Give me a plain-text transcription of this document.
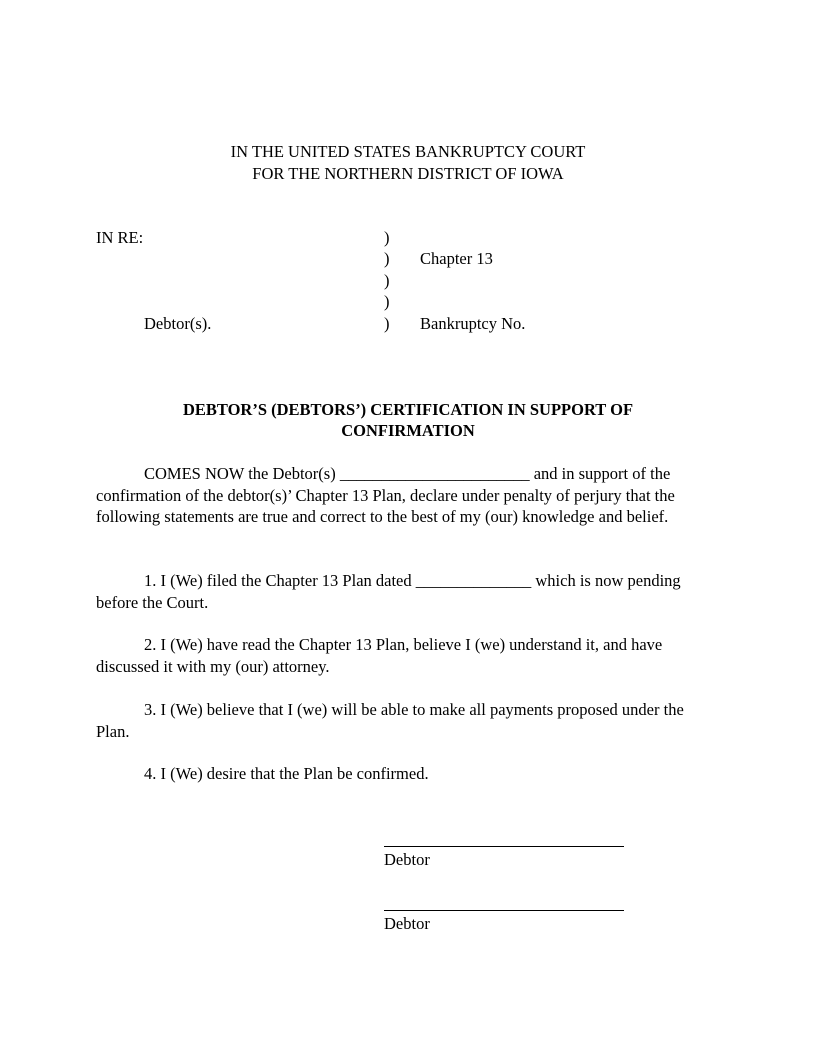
IN THE UNITED STATES BANKRUPTCY COURT
FOR THE NORTHERN DISTRICT OF IOWA
IN RE:
Debtor(s).
)
)
)
)
)
Chapter 13
Bankruptcy No.
DEBTOR’S (DEBTORS’) CERTIFICATION IN SUPPORT OF
CONFIRMATION
COMES NOW the Debtor(s) _______________________ and in support of the confirmation of the debtor(s)’ Chapter 13 Plan, declare under penalty of perjury that the following statements are true and correct to the best of my (our) knowledge and belief.
1. I (We) filed the Chapter 13 Plan dated ______________ which is now pending before the Court.
2. I (We) have read the Chapter 13 Plan, believe I (we) understand it, and have discussed it with my (our) attorney.
3. I (We) believe that I (we) will be able to make all payments proposed under the Plan.
4. I (We) desire that the Plan be confirmed.
Debtor
Debtor
